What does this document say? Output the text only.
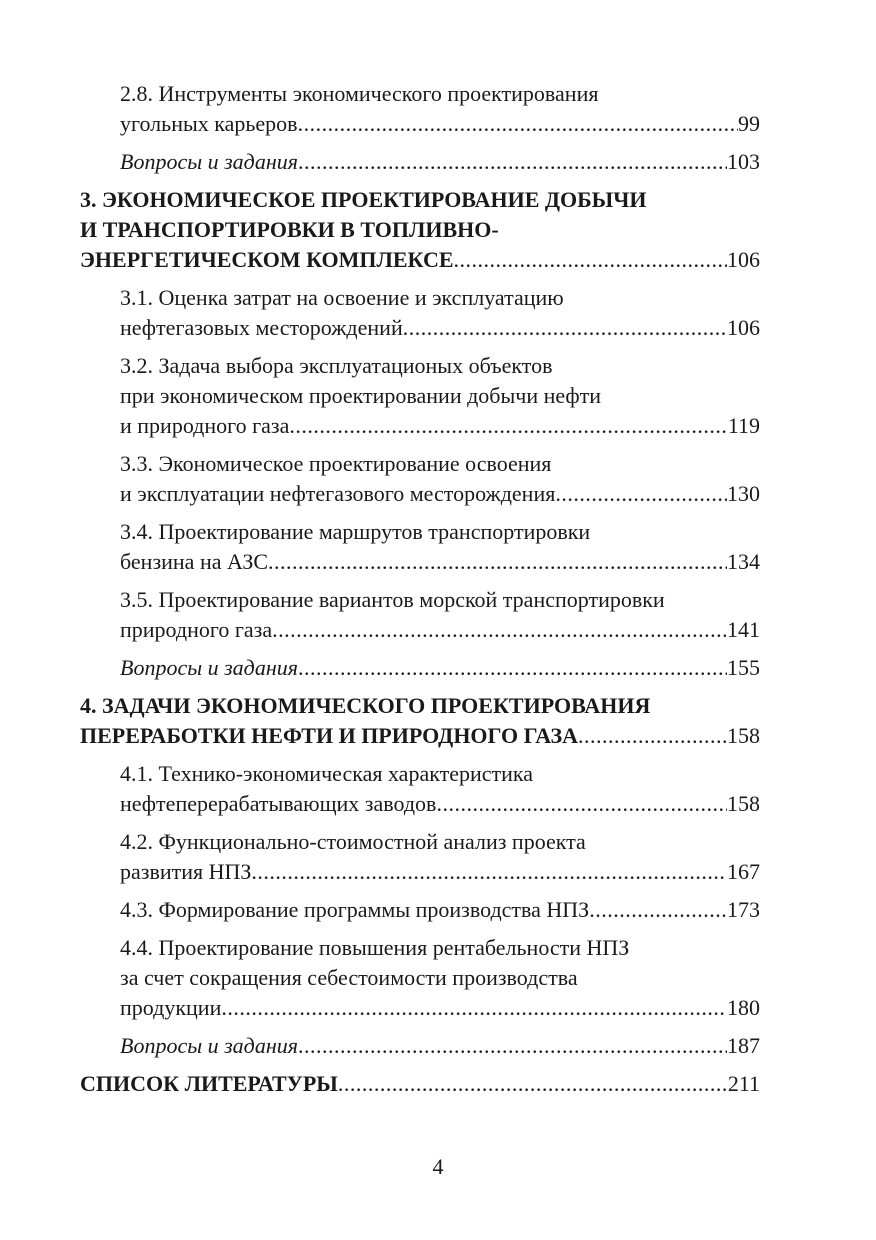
2.8. Инструменты экономического проектирования
угольных карьеров .....	99
Вопросы и задания .....	103
3. ЭКОНОМИЧЕСКОЕ ПРОЕКТИРОВАНИЕ ДОБЫЧИ
И ТРАНСПОРТИРОВКИ В ТОПЛИВНО-
ЭНЕРГЕТИЧЕСКОМ КОМПЛЕКСЕ .....	106
3.1. Оценка затрат на освоение и эксплуатацию
нефтегазовых месторождений .....	106
3.2. Задача выбора эксплуатационых объектов
при экономическом проектировании добычи нефти
и природного газа .....	119
3.3. Экономическое проектирование освоения
и эксплуатации нефтегазового месторождения .....	130
3.4. Проектирование маршрутов транспортировки
бензина на АЗС .....	134
3.5. Проектирование вариантов морской транспортировки
природного газа .....	141
Вопросы и задания .....	155
4. ЗАДАЧИ ЭКОНОМИЧЕСКОГО ПРОЕКТИРОВАНИЯ
ПЕРЕРАБОТКИ НЕФТИ И ПРИРОДНОГО ГАЗА .....	158
4.1. Технико-экономическая характеристика
нефтеперерабатывающих заводов .....	158
4.2. Функционально-стоимостной анализ проекта
развития НПЗ .....	167
4.3. Формирование программы производства НПЗ .....	173
4.4. Проектирование повышения рентабельности НПЗ
за счет сокращения себестоимости производства
продукции .....	180
Вопросы и задания .....	187
СПИСОК ЛИТЕРАТУРЫ .....	211
4
